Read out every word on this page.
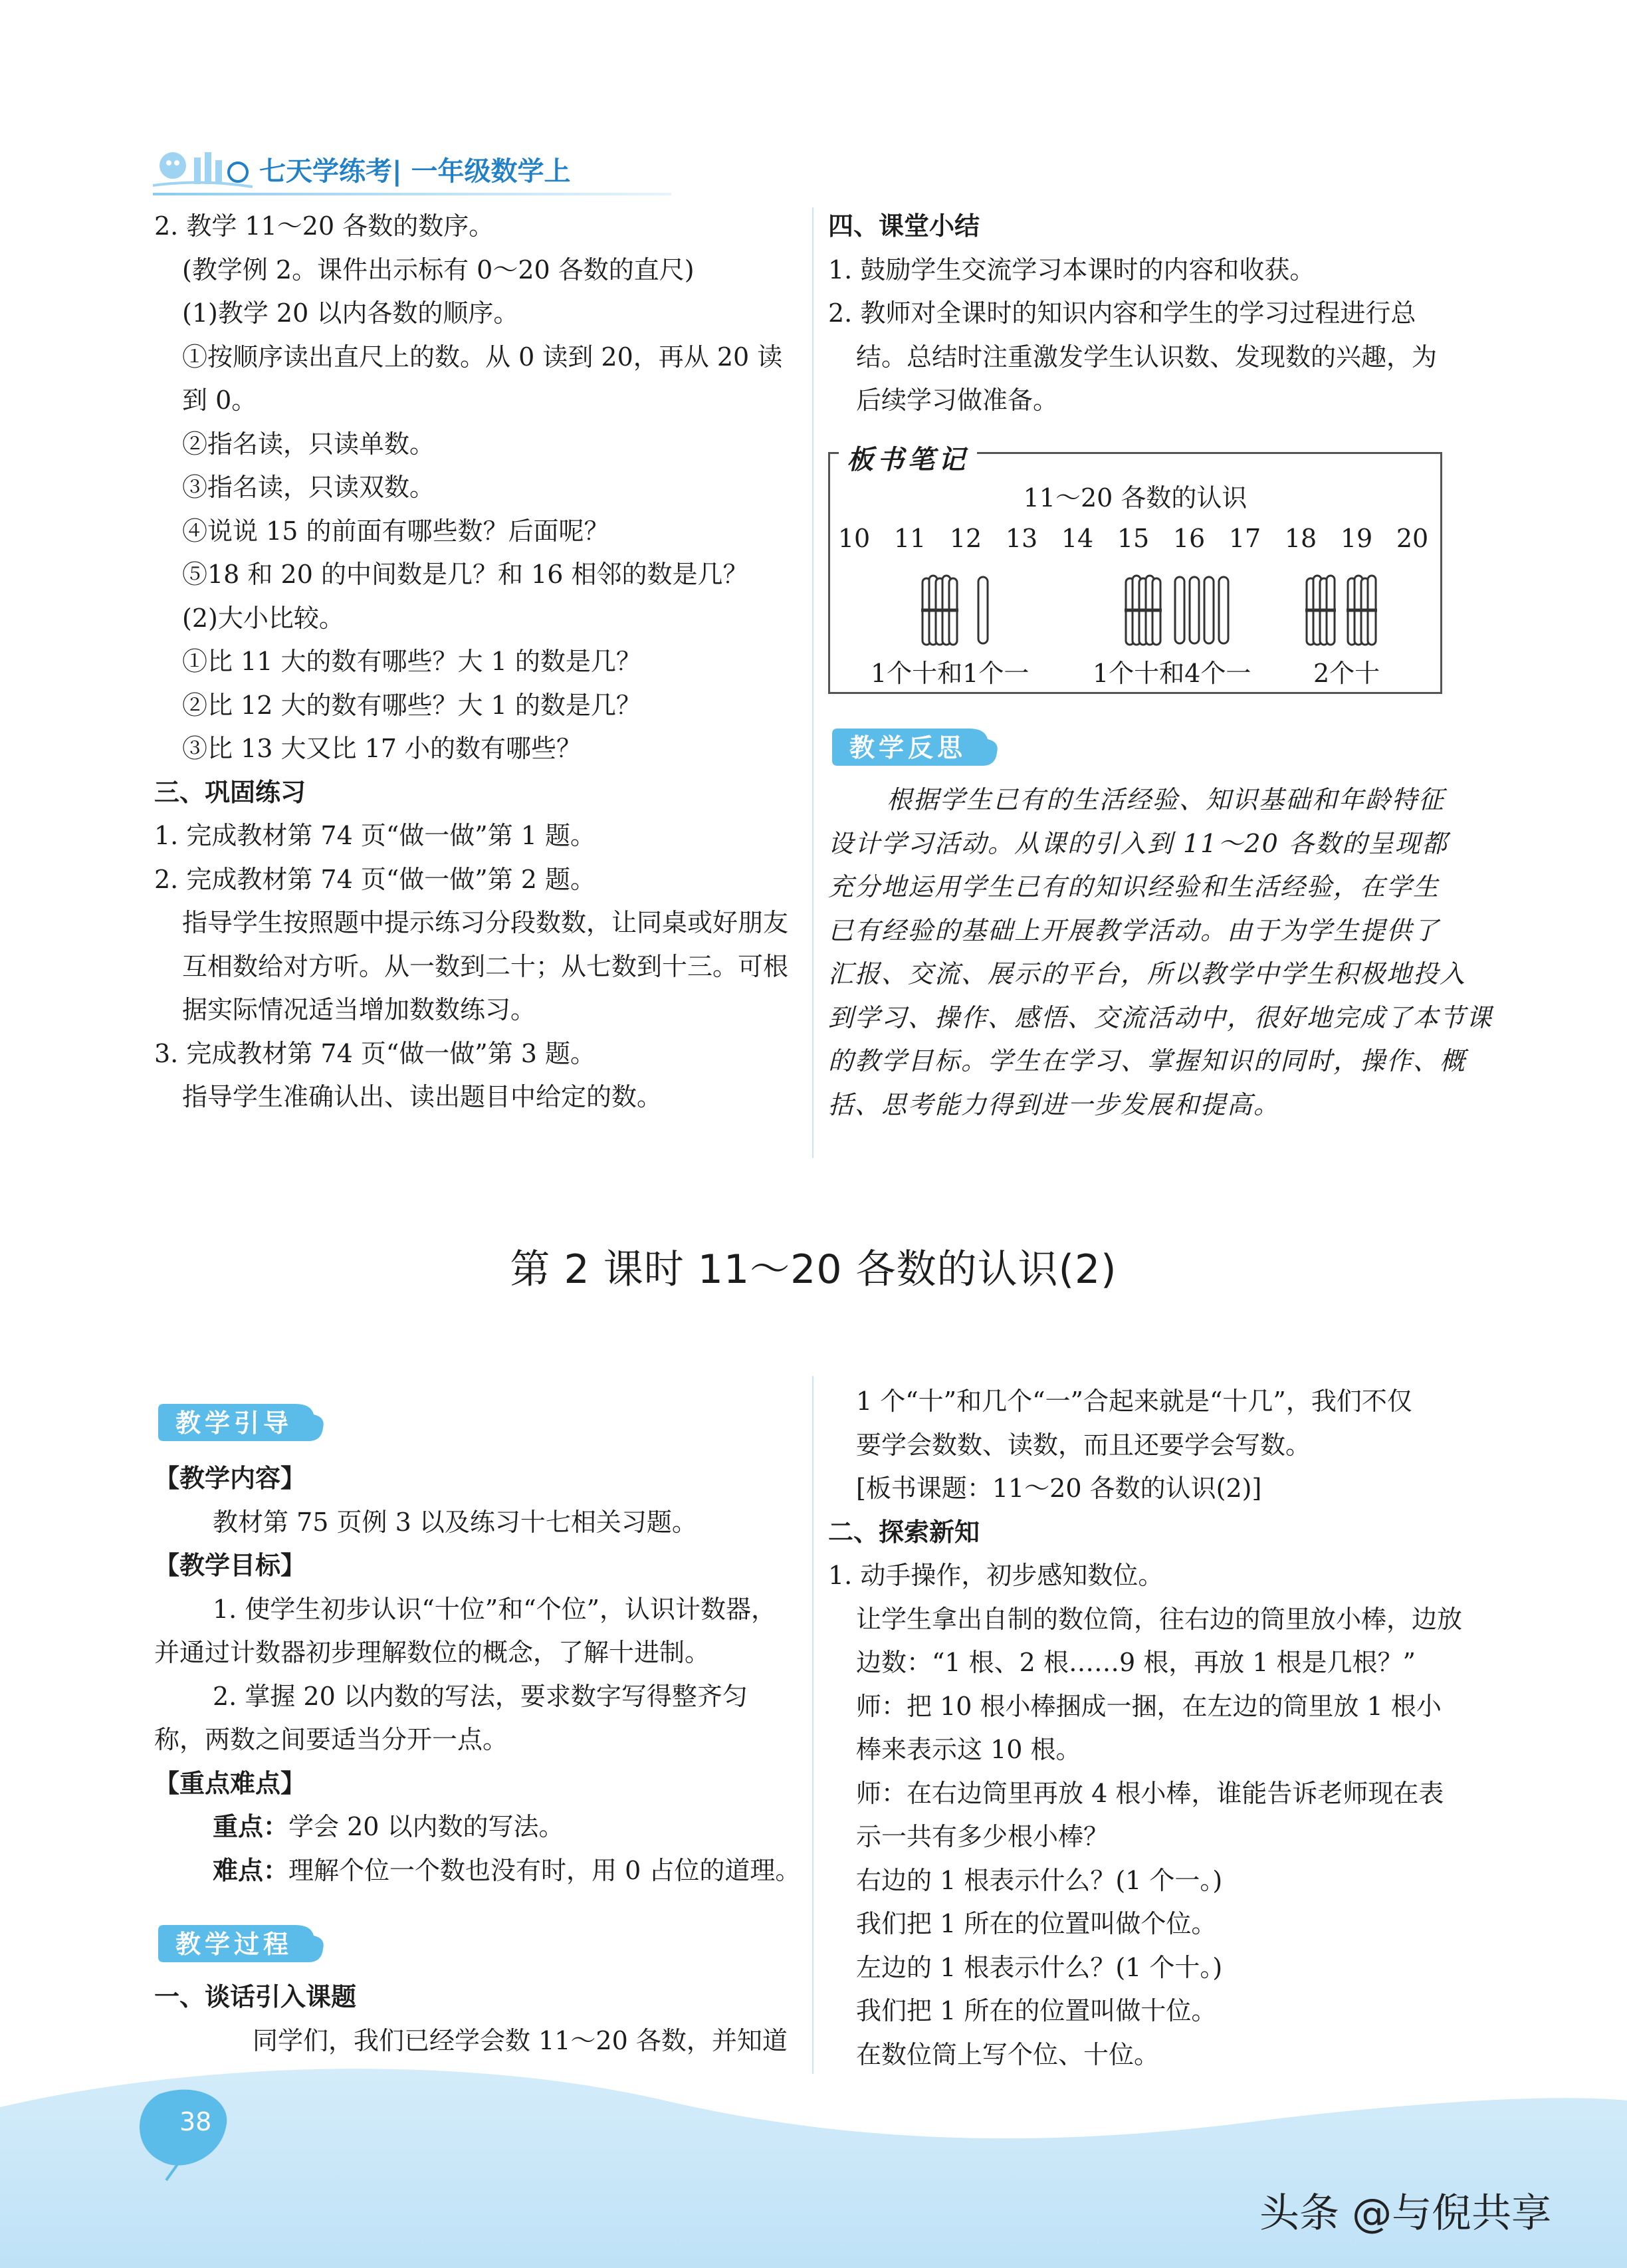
七天学练考| 一年级数学上

2. 教学 11～20 各数的数序。

(教学例 2。课件出示标有 0～20 各数的直尺)

(1)教学 20 以内各数的顺序。

①按顺序读出直尺上的数。从 0 读到 20，再从 20 读

到 0。

②指名读，只读单数。

③指名读，只读双数。

④说说 15 的前面有哪些数？后面呢？

⑤18 和 20 的中间数是几？和 16 相邻的数是几？

(2)大小比较。

①比 11 大的数有哪些？大 1 的数是几？

②比 12 大的数有哪些？大 1 的数是几？

③比 13 大又比 17 小的数有哪些？

三、巩固练习

1. 完成教材第 74 页“做一做”第 1 题。

2. 完成教材第 74 页“做一做”第 2 题。

指导学生按照题中提示练习分段数数，让同桌或好朋友

互相数给对方听。从一数到二十；从七数到十三。可根

据实际情况适当增加数数练习。

3. 完成教材第 74 页“做一做”第 3 题。

指导学生准确认出、读出题目中给定的数。

四、课堂小结

1. 鼓励学生交流学习本课时的内容和收获。

2. 教师对全课时的知识内容和学生的学习过程进行总

结。总结时注重激发学生认识数、发现数的兴趣，为

后续学习做准备。

板书笔记
11～20 各数的认识
10 11 12 13 14 15 16 17 18 19 20
1个十和1个一	1个十和4个一 2个十
教学反思

根据学生已有的生活经验、知识基础和年龄特征

设计学习活动。从课的引入到 11～20 各数的呈现都

充分地运用学生已有的知识经验和生活经验，在学生

已有经验的基础上开展教学活动。由于为学生提供了

汇报、交流、展示的平台，所以教学中学生积极地投入

到学习、操作、感悟、交流活动中，很好地完成了本节课

的教学目标。学生在学习、掌握知识的同时，操作、概

括、思考能力得到进一步发展和提高。

第 2 课时 11～20 各数的认识(2)
教学引导

【教学内容】

教材第 75 页例 3 以及练习十七相关习题。

【教学目标】

1. 使学生初步认识“十位”和“个位”，认识计数器，

并通过计数器初步理解数位的概念，了解十进制。

2. 掌握 20 以内数的写法，要求数字写得整齐匀

称，两数之间要适当分开一点。

【重点难点】

重点：学会 20 以内数的写法。

难点：理解个位一个数也没有时，用 0 占位的道理。

教学过程

一、谈话引入课题

同学们，我们已经学会数 11～20 各数，并知道

1 个“十”和几个“一”合起来就是“十几”，我们不仅

要学会数数、读数，而且还要学会写数。

[板书课题：11～20 各数的认识(2)]

二、探索新知

1. 动手操作，初步感知数位。

让学生拿出自制的数位筒，往右边的筒里放小棒，边放

边数：“1 根、2 根……9 根，再放 1 根是几根？”

师：把 10 根小棒捆成一捆，在左边的筒里放 1 根小

棒来表示这 10 根。

师：在右边筒里再放 4 根小棒，谁能告诉老师现在表

示一共有多少根小棒？

右边的 1 根表示什么？(1 个一。)

我们把 1 所在的位置叫做个位。

左边的 1 根表示什么？(1 个十。)

我们把 1 所在的位置叫做十位。

在数位筒上写个位、十位。

38
头条 @与倪共享
